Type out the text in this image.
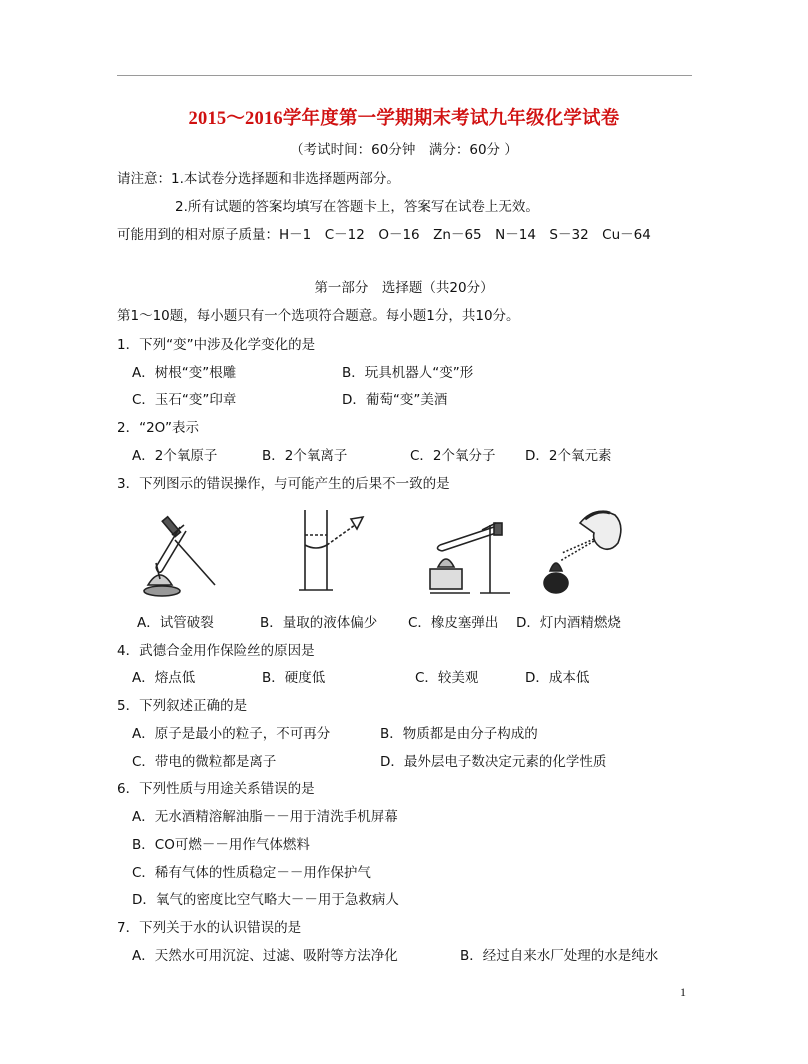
2015～2016学年度第一学期期末考试九年级化学试卷
（考试时间：60分钟　满分：60分 ）
请注意：1.本试卷分选择题和非选择题两部分。
2.所有试题的答案均填写在答题卡上，答案写在试卷上无效。
可能用到的相对原子质量：H－1　C－12　O－16　Zn－65　N－14　S－32　Cu－64
第一部分　选择题（共20分）
第1～10题，每小题只有一个选项符合题意。每小题1分，共10分。
1．下列“变”中涉及化学变化的是
A．树根“变”根雕	B．玩具机器人“变”形
C．玉石“变”印章	D．葡萄“变”美酒
2．“2O”表示
A．2个氧原子	B．2个氧离子	C．2个氧分子 D．2个氧元素
3．下列图示的错误操作，与可能产生的后果不一致的是
A．试管破裂	B．量取的液体偏少 C．橡皮塞弹出 D．灯内酒精燃烧
4．武德合金用作保险丝的原因是
A．熔点低	B．硬度低	C．较美观	D．成本低
5．下列叙述正确的是
A．原子是最小的粒子，不可再分	B．物质都是由分子构成的
C．带电的微粒都是离子	D．最外层电子数决定元素的化学性质
6．下列性质与用途关系错误的是
A．无水酒精溶解油脂－－用于清洗手机屏幕
B．CO可燃－－用作气体燃料
C．稀有气体的性质稳定－－用作保护气
D．氧气的密度比空气略大－－用于急救病人
7．下列关于水的认识错误的是
A．天然水可用沉淀、过滤、吸附等方法净化	B．经过自来水厂处理的水是纯水
1
